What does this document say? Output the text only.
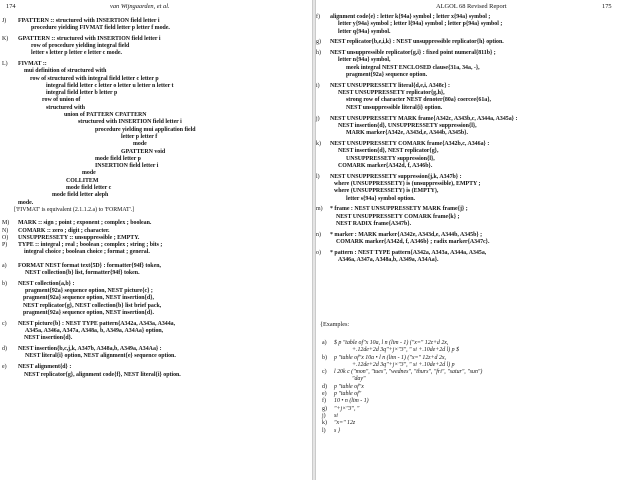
174	van Wijngaarden, et al.
J)	FPATTERN :: structured with INSERTION field letter i
procedure yielding FIVMAT field letter p letter f mode.
K)	GPATTERN :: structured with INSERTION field letter i
row of procedure yielding integral field
letter s letter p letter e letter c mode.
L)	FIVMAT ::
mui definition of structured with
row of structured with integral field letter c letter p
integral field letter c letter o letter u letter n letter t
integral field letter b letter p
row of union of
structured with
union of PATTERN CPATTERN
structured with INSERTION field letter i
procedure yielding mui application field
letter p letter f
mode
GPATTERN void
mode field letter p
INSERTION field letter i
mode
COLLITEM
mode field letter c
mode field letter aleph
mode.
['FIVMAT' is equivalent (2.1.1.2.a) to 'FORMAT'.]
M)	MARK :: sign ; point ; exponent ; complex ; boolean.
N)	COMARK :: zero ; digit ; character.
O)	UNSUPPRESSETY :: unsuppressible ; EMPTY.
P)	TYPE :: integral ; real ; boolean ; complex ; string ; bits ;
integral choice ; boolean choice ; format ; general.
a)	FORMAT NEST format text{5D} : formatter{94f} token,
NEST collection{b} list, formatter{94f} token.
b)	NEST collection{a,b} :
pragment{92a} sequence option, NEST picture{c} ;
pragment{92a} sequence option, NEST insertion{d},
NEST replicator{g}, NEST collection{b} list brief pack,
pragment{92a} sequence option, NEST insertion{d}.
c)	NEST picture{b} : NEST TYPE pattern{A342a, A343a, A344a,
A345a, A346a, A347a, A348a, b, A349a, A34Aa} option,
NEST insertion{d}.
d)	NEST insertion{b,c,j,k, A347b, A348a,b, A349a, A34Aa} :
NEST literal{i} option, NEST alignment{e} sequence option.
e)	NEST alignment{d} :
NEST replicator{g}, alignment code{f}, NEST literal{i} option.
ALGOL 68 Revised Report	175
f)	alignment code{e} : letter k{94a} symbol ; letter x{94a} symbol ;
letter y{94a} symbol ; letter l{94a} symbol ; letter p{94a} symbol ;
letter q{94a} symbol.
g)	NEST replicator{b,e,i,k} : NEST unsuppressible replicator{h} option.
h)	NEST unsuppressible replicator{g,i} : fixed point numeral{811b} ;
letter n{94a} symbol,
meek integral NEST ENCLOSED clause{31a, 34a, -},
pragment{92a} sequence option.
i)	NEST UNSUPPRESSETY literal{d,e,i, A348c} :
NEST UNSUPPRESSETY replicator{g,h},
strong row of character NEST denoter{80a} coercee{61a},
NEST unsuppressible literal{i} option.
j)	NEST UNSUPPRESSETY MARK frame{A342c, A343b,c, A344a, A345a} :
NEST insertion{d}, UNSUPPRESSETY suppression{l},
MARK marker{A342e, A343d,e, A344b, A345b}.
k)	NEST UNSUPPRESSETY COMARK frame{A342b,c, A346a} :
NEST insertion{d}, NEST replicator{g},
UNSUPPRESSETY suppression{l},
COMARK marker{A342d, f, A346b}.
l)	NEST UNSUPPRESSETY suppression{j,k, A347b} :
where (UNSUPPRESSETY) is (unsuppressible), EMPTY ;
where (UNSUPPRESSETY) is (EMPTY),
letter s{94a} symbol option.
m)	* frame : NEST UNSUPPRESSETY MARK frame{j} ;
NEST UNSUPPRESSETY COMARK frame{k} ;
NEST RADIX frame{A347b}.
n)	* marker : MARK marker{A342e, A343d,e, A344b, A345b} ;
COMARK marker{A342d, f, A346b} ; radix marker{A347c}.
o)	* pattern : NEST TYPE pattern{A342a, A343a, A344a, A345a,
A346a, A347a, A348a,b, A349a, A34Aa}.
{Examples:
a)	$ p "table of"x 10a, l n (lim - 1) ("x=" 12z+d 2x,
+.12de+2d 3q"+j×"3", " si +.10de+2d l) p $
b)	p "table of"x 10a • l n (lim - 1) ("x=" 12z+d 2x,
+.12de+2d 3q"+j×"3", " si +.10de+2d l) p
c)	l 20k c ("mon", "tues", "wednes", "thurs", "fri", "satur", "sun")
"day"
d)	p "table of"x
e)	p "table of"
f)	10 • n (lim - 1)
g)	"+j×"3", "
j)	si
k)	"x=" 12z
l)	s }
